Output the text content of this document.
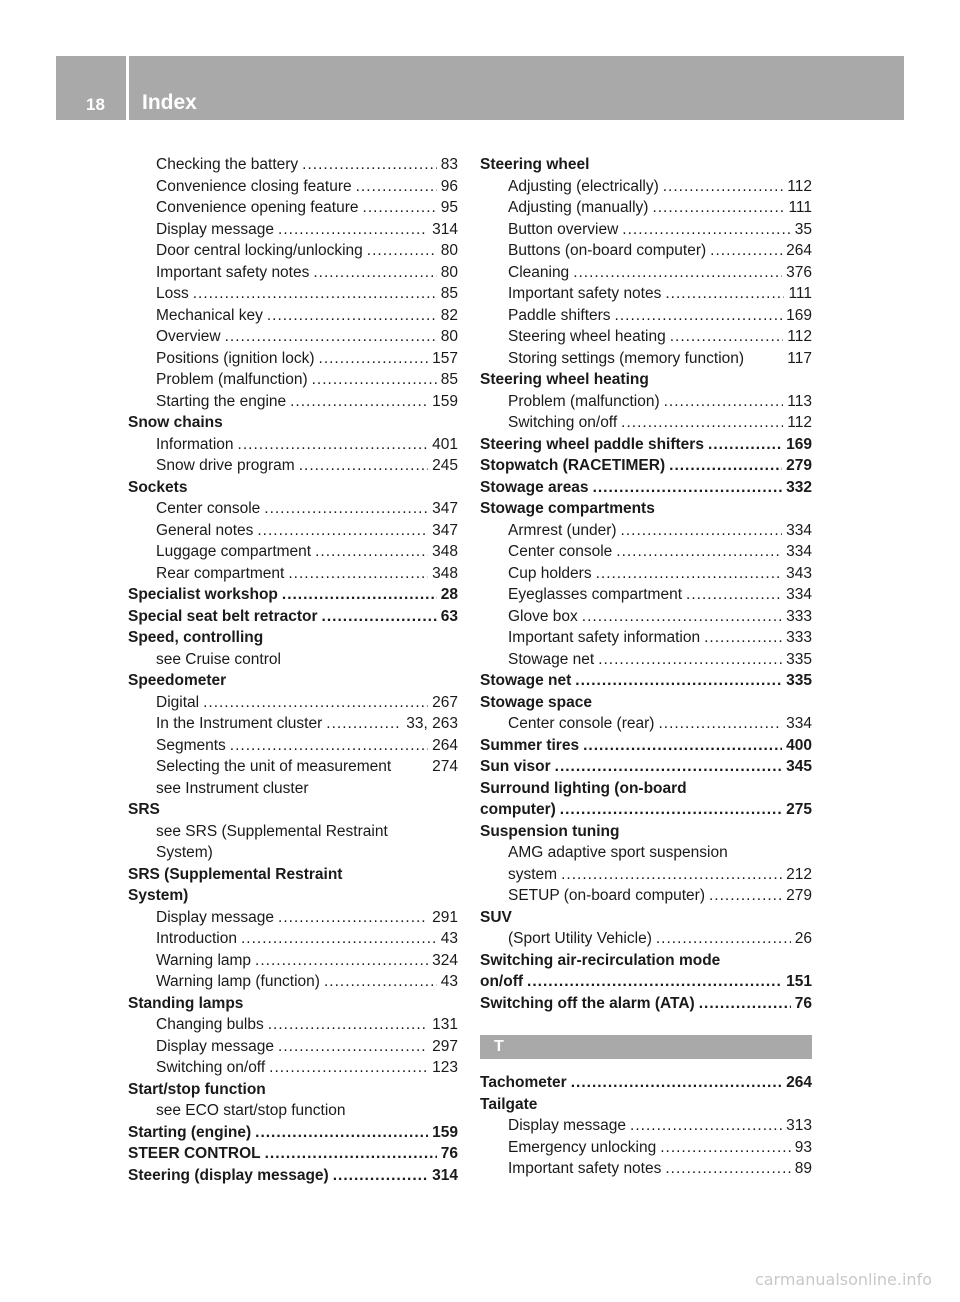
18	Index
Checking the battery .....	83
Convenience closing feature .....	96
Convenience opening feature .....	95
Display message .....	314
Door central locking/unlocking .....	80
Important safety notes .....	80
Loss .....	85
Mechanical key .....	82
Overview .....	80
Positions (ignition lock) .....	157
Problem (malfunction) .....	85
Starting the engine .....	159
Snow chains
Information .....	401
Snow drive program .....	245
Sockets
Center console .....	347
General notes .....	347
Luggage compartment .....	348
Rear compartment .....	348
Specialist workshop .....	28
Special seat belt retractor .....	63
Speed, controlling
see Cruise control
Speedometer
Digital .....	267
In the Instrument cluster .....	33, 263
Segments .....	264
Selecting the unit of measurement	274
see Instrument cluster
SRS
see SRS (Supplemental Restraint
System)
SRS (Supplemental Restraint
System)
Display message .....	291
Introduction .....	43
Warning lamp .....	324
Warning lamp (function) .....	43
Standing lamps
Changing bulbs .....	131
Display message .....	297
Switching on/off .....	123
Start/stop function
see ECO start/stop function
Starting (engine) .....	159
STEER CONTROL .....	76
Steering (display message) .....	314
Steering wheel
Adjusting (electrically) .....	112
Adjusting (manually) .....	111
Button overview .....	35
Buttons (on-board computer) .....	264
Cleaning .....	376
Important safety notes .....	111
Paddle shifters .....	169
Steering wheel heating .....	112
Storing settings (memory function)	117
Steering wheel heating
Problem (malfunction) .....	113
Switching on/off .....	112
Steering wheel paddle shifters .....	169
Stopwatch (RACETIMER) .....	279
Stowage areas .....	332
Stowage compartments
Armrest (under) .....	334
Center console .....	334
Cup holders .....	343
Eyeglasses compartment .....	334
Glove box .....	333
Important safety information .....	333
Stowage net .....	335
Stowage net .....	335
Stowage space
Center console (rear) .....	334
Summer tires .....	400
Sun visor .....	345
Surround lighting (on-board
computer) .....	275
Suspension tuning
AMG adaptive sport suspension
system .....	212
SETUP (on-board computer) .....	279
SUV
(Sport Utility Vehicle) .....	26
Switching air-recirculation mode
on/off .....	151
Switching off the alarm (ATA) .....	76
T
Tachometer .....	264
Tailgate
Display message .....	313
Emergency unlocking .....	93
Important safety notes .....	89
carmanualsonline.info
